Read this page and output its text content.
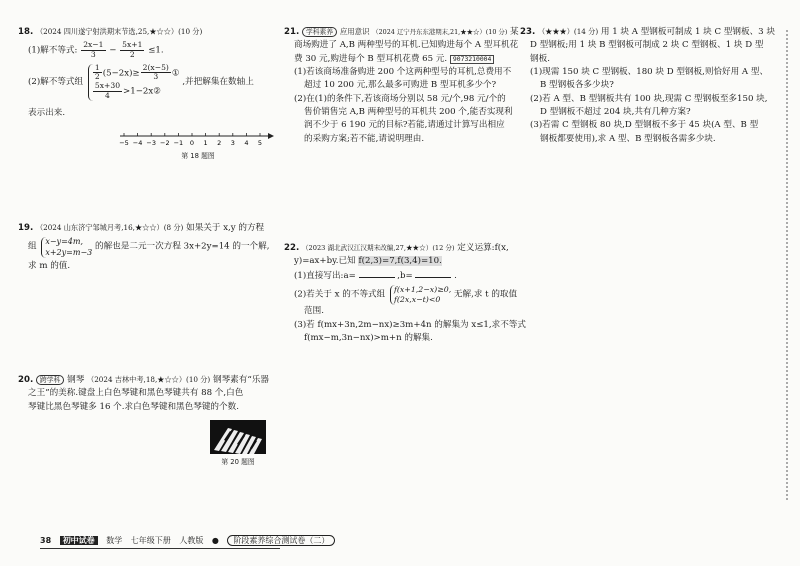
18. （2024 四川遂宁射洪期末节选,25,★☆☆）(10 分)
(1)解不等式: $\frac{2x-1}{3} - \frac{5x+1}{2} \le 1$.
(2)解不等式组 $\frac{1}{2} (5-2x)\ge \frac{2(x-5)}{3}$ ①
$\frac{5x+30}{4}$ >1−2x②
,并把解集在数轴上
表示出来.
−5 −4 −3 −2 −1 0 1 2 3 4 5
第 18 题图
19. （2024 山东济宁邹城月考,16,★☆☆）(8 分) 如果关于 x,y 的方程
组
x−y=4m,
x+2y=m−3
的解也是二元一次方程 3x+2y=14 的一个解,
求 m 的值.
20. 跨学科 钢琴 （2024 吉林中考,18,★☆☆）(10 分) 钢琴素有“乐器
之王”的美称.键盘上白色琴键和黑色琴键共有 88 个,白色
琴键比黑色琴键多 16 个.求白色琴键和黑色琴键的个数.
第 20 题图
21. 学科素养 应用意识 （2024 辽宁丹东东港期末,21,★★☆）(10 分) 某
商场购进了 A,B 两种型号的耳机.已知购进每个 A 型耳机花
费 30 元,购进每个 B 型耳机花费 65 元. 9073210004
(1)若该商场准备购进 200 个这两种型号的耳机,总费用不
超过 10 200 元,那么最多可购进 B 型耳机多少个?
(2)在(1)的条件下,若该商场分别以 58 元/个,98 元/个的
售价销售完 A,B 两种型号的耳机共 200 个,能否实现利
润不少于 6 190 元的目标?若能,请通过计算写出相应
的采购方案;若不能,请说明理由.
22. （2023 湖北武汉江汉期末改编,27,★★☆）(12 分) 定义运算:f(x,
y)=ax+by.已知 f(2,3)=7,f(3,4)=10.
(1)直接写出:a=	,b=	.
(2)若关于 x 的不等式组 f(x+1,2−x)≥0,
f(2x,x−t)<0
无解,求 t 的取值
范围.
(3)若 f(mx+3n,2m−nx)≥3m+4n 的解集为 x≤1,求不等式
f(mx−m,3n−nx)>m+n 的解集.
23. （★★★）(14 分) 用 1 块 A 型钢板可制成 1 块 C 型钢板、3 块
D 型钢板;用 1 块 B 型钢板可制成 2 块 C 型钢板、1 块 D 型
钢板.
(1)现需 150 块 C 型钢板、180 块 D 型钢板,则恰好用 A 型、
B 型钢板各多少块?
(2)若 A 型、B 型钢板共有 100 块,现需 C 型钢板至多150 块,
D 型钢板不超过 204 块,共有几种方案?
(3)若需 C 型钢板 80 块,D 型钢板不多于 45 块(A 型、B 型
钢板都要使用),求 A 型、B 型钢板各需多少块.
38 初中试卷 数学 七年级下册 人教版 ● 阶段素养综合测试卷（二）
